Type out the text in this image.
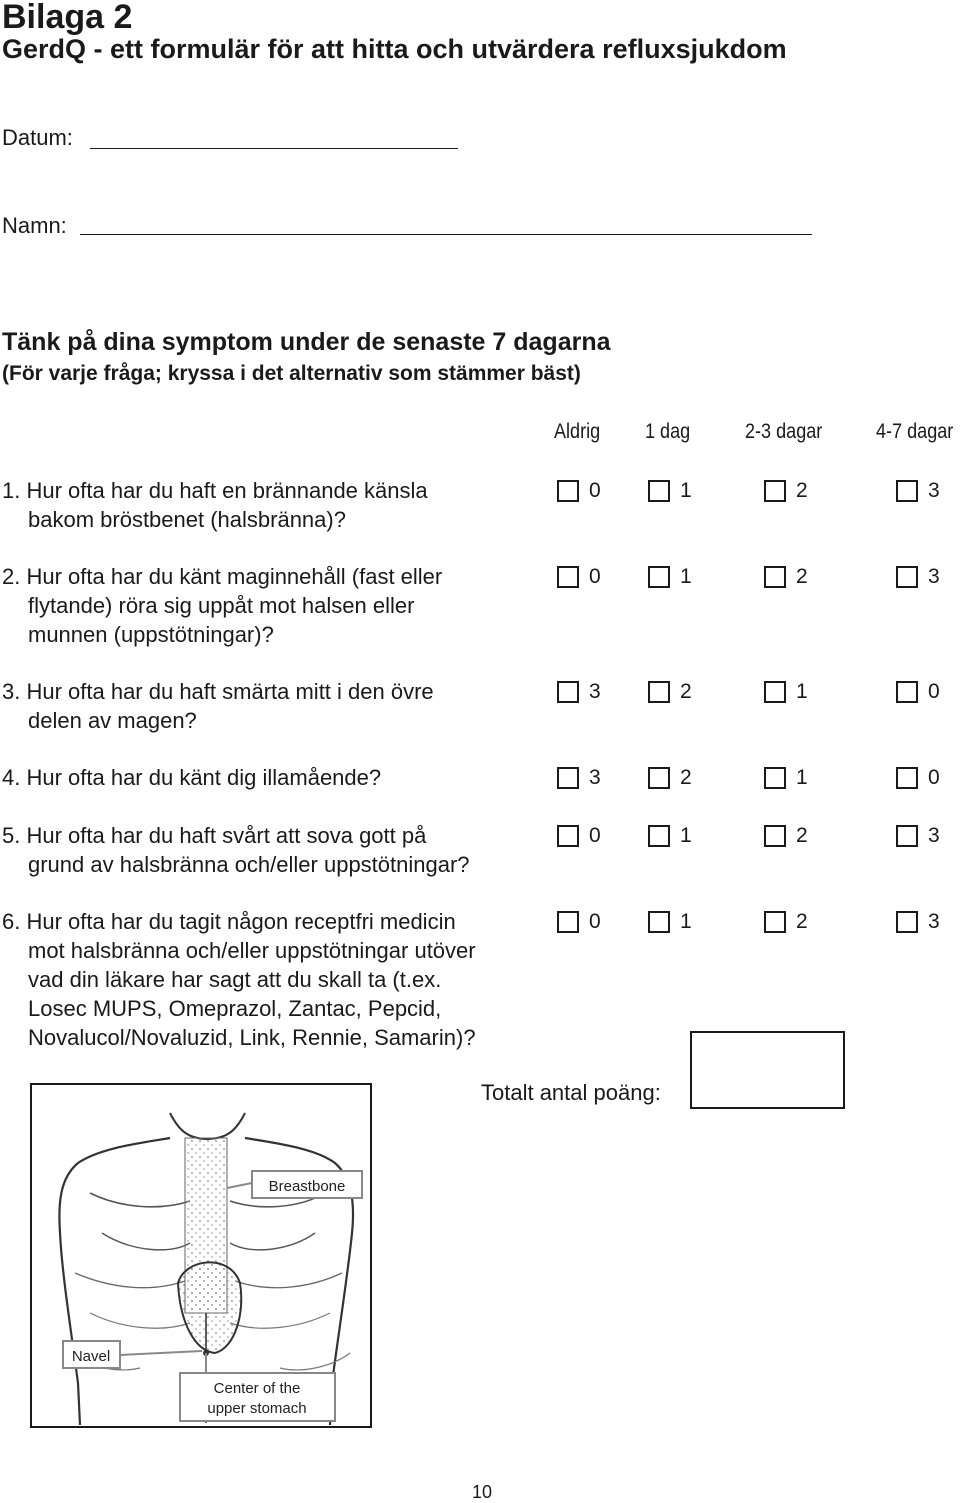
Bilaga 2
GerdQ - ett formulär för att hitta och utvärdera refluxsjukdom
Datum:
Namn:
Tänk på dina symptom under de senaste 7 dagarna
(För varje fråga; kryssa i det alternativ som stämmer bäst)
Aldrig 1 dag	2-3 dagar	4-7 dagar
1. Hur ofta har du haft en brännande känsla
bakom bröstbenet (halsbränna)?
0	1	2	3
2. Hur ofta har du känt maginnehåll (fast eller
flytande) röra sig uppåt mot halsen eller
munnen (uppstötningar)?
0	1	2	3
3. Hur ofta har du haft smärta mitt i den övre
delen av magen?
3	2	1	0
4. Hur ofta har du känt dig illamående?	3	2	1	0
5. Hur ofta har du haft svårt att sova gott på
grund av halsbränna och/eller uppstötningar?
0	1	2	3
6. Hur ofta har du tagit någon receptfri medicin
mot halsbränna och/eller uppstötningar utöver
vad din läkare har sagt att du skall ta (t.ex.
Losec MUPS, Omeprazol, Zantac, Pepcid,
Novalucol/Novaluzid, Link, Rennie, Samarin)?
0	1	2	3
Totalt antal poäng:
Breastbone
Navel
Center of the
upper stomach
10
